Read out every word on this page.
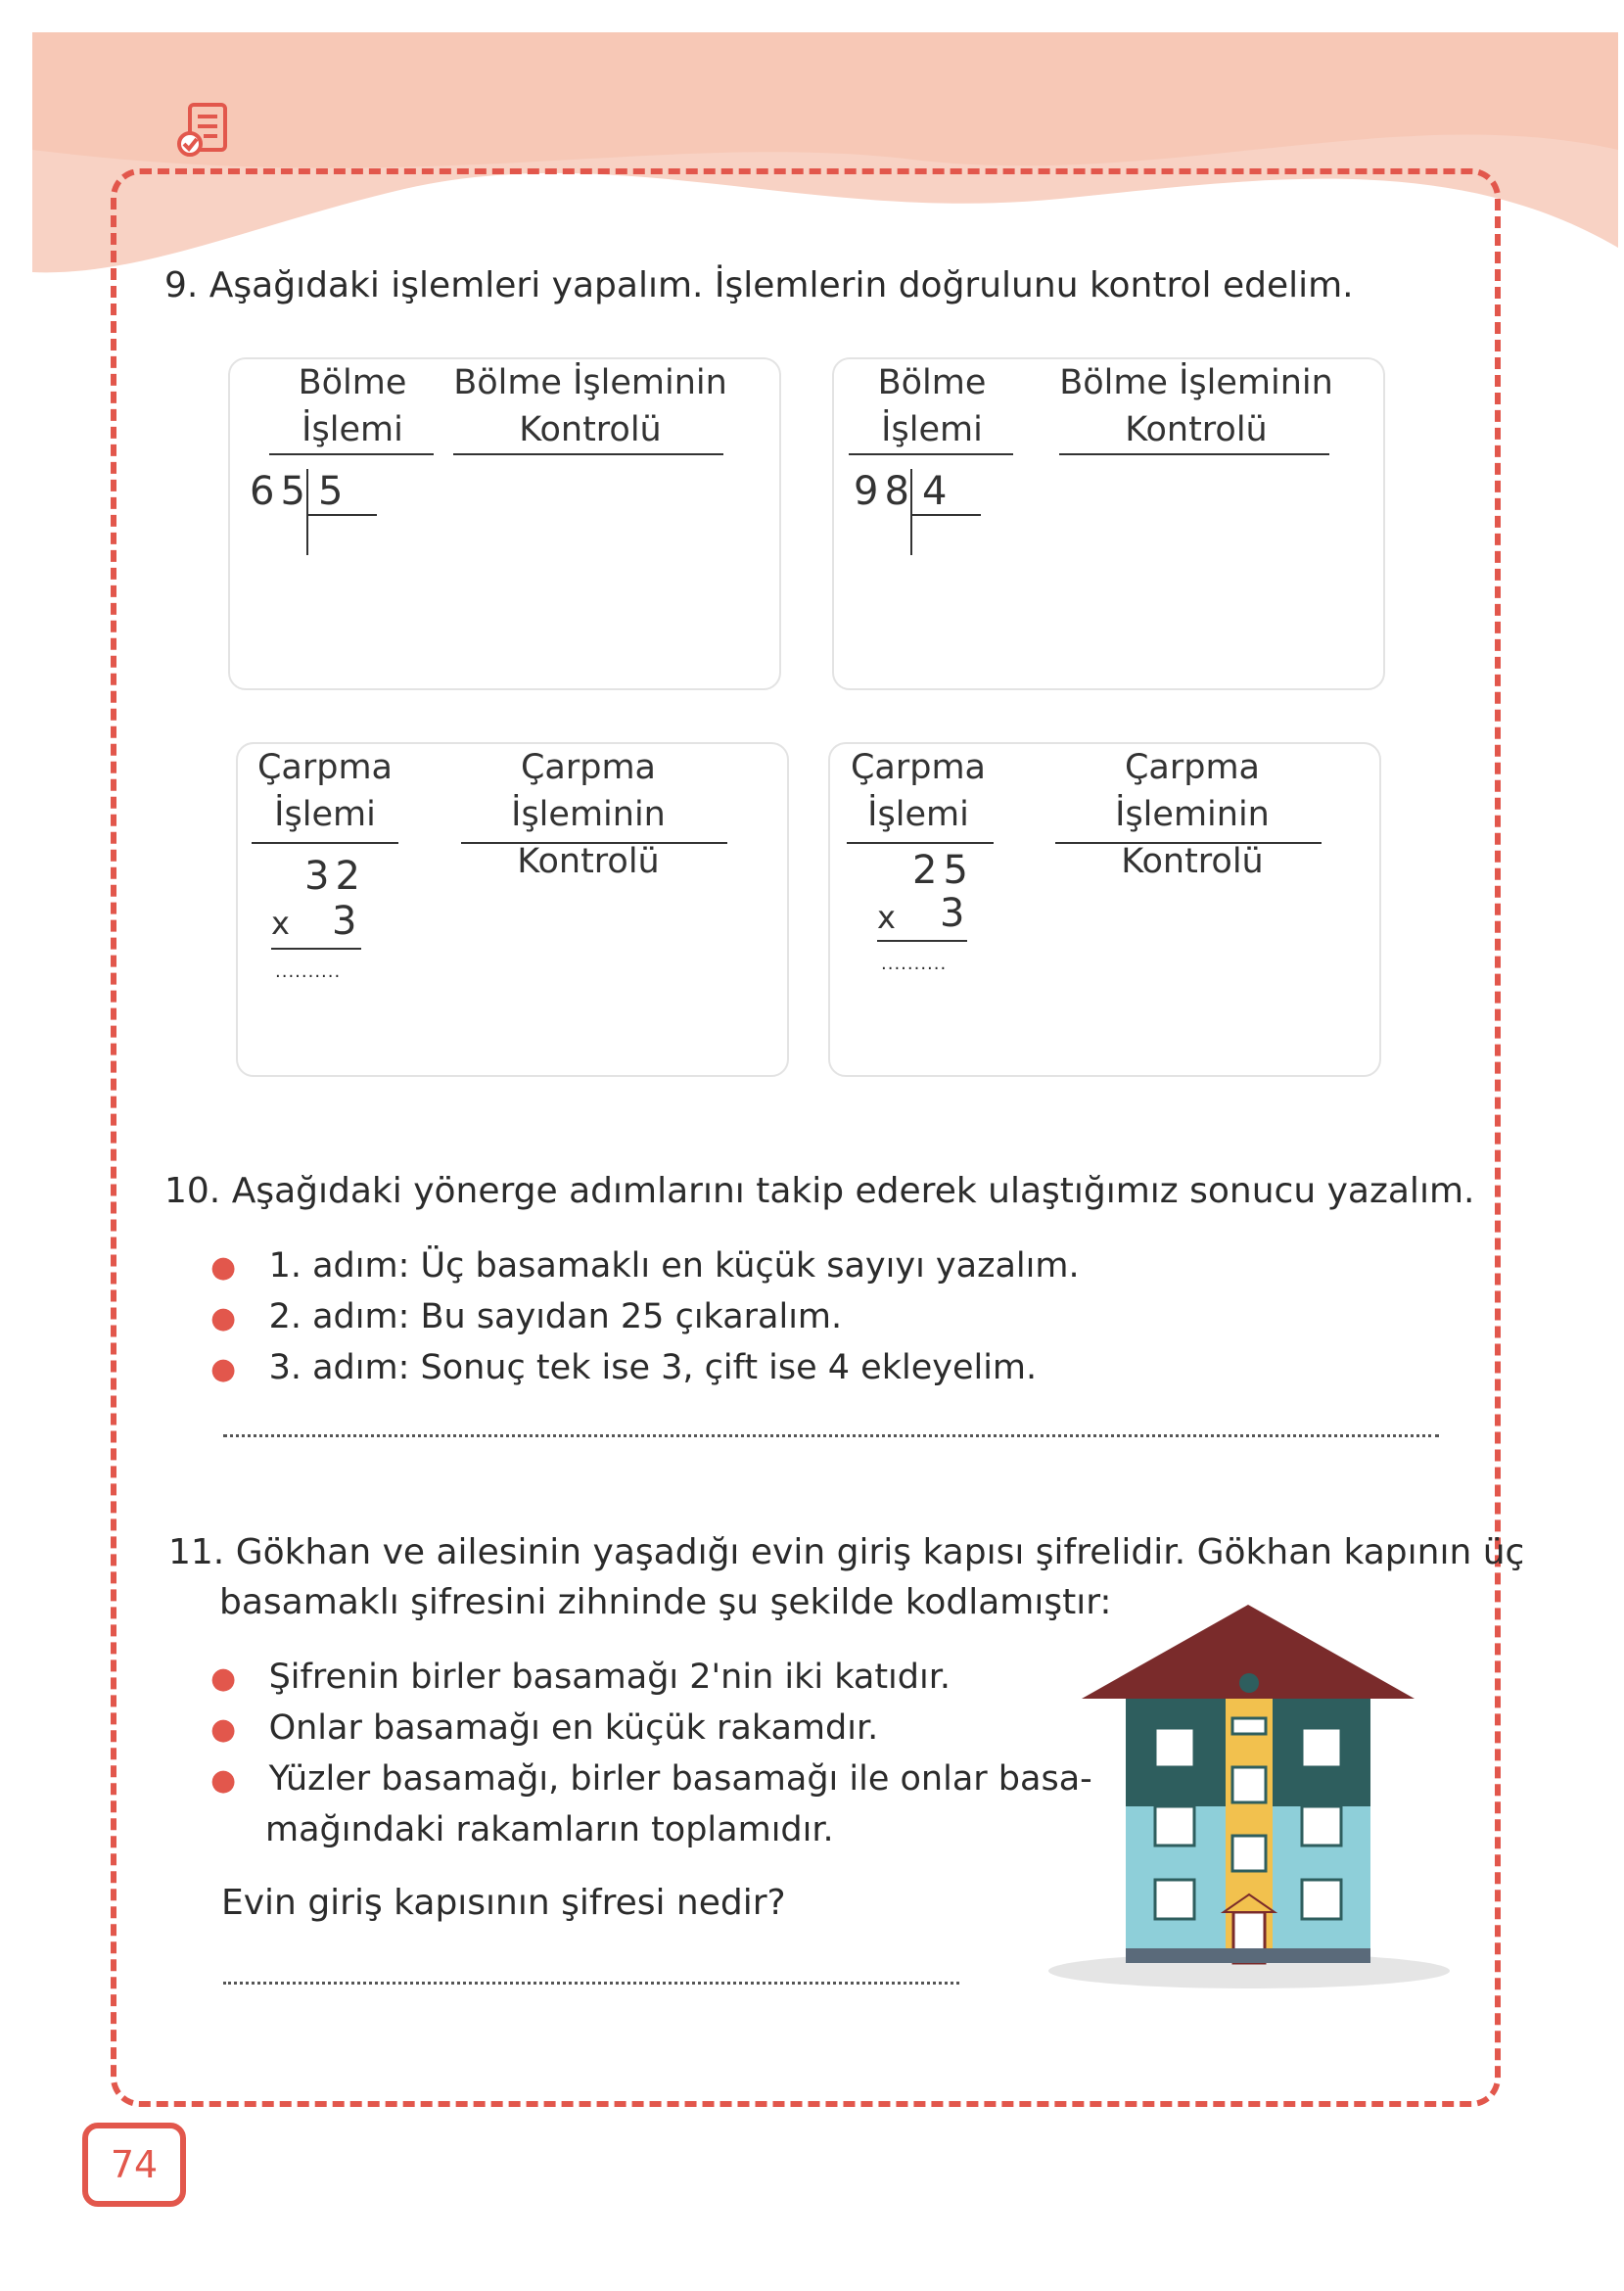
9. Aşağıdaki işlemleri yapalım. İşlemlerin doğrulunu kontrol edelim.
Bölme
İşlemi
Bölme İşleminin
Kontrolü
65 5
Bölme
İşlemi
Bölme İşleminin
Kontrolü
98 4
Çarpma
İşlemi
Çarpma İşleminin
Kontrolü
32
x 3
..........
Çarpma
İşlemi
Çarpma İşleminin
Kontrolü
25
x 3
..........
10. Aşağıdaki yönerge adımlarını takip ederek ulaştığımız sonucu yazalım.
● 1. adım: Üç basamaklı en küçük sayıyı yazalım.
● 2. adım: Bu sayıdan 25 çıkaralım.
● 3. adım: Sonuç tek ise 3, çift ise 4 ekleyelim.
11. Gökhan ve ailesinin yaşadığı evin giriş kapısı şifrelidir. Gökhan kapının üç
basamaklı şifresini zihninde şu şekilde kodlamıştır:
● Şifrenin birler basamağı 2'nin iki katıdır.
● Onlar basamağı en küçük rakamdır.
● Yüzler basamağı, birler basamağı ile onlar basa-
mağındaki rakamların toplamıdır.
Evin giriş kapısının şifresi nedir?
74
